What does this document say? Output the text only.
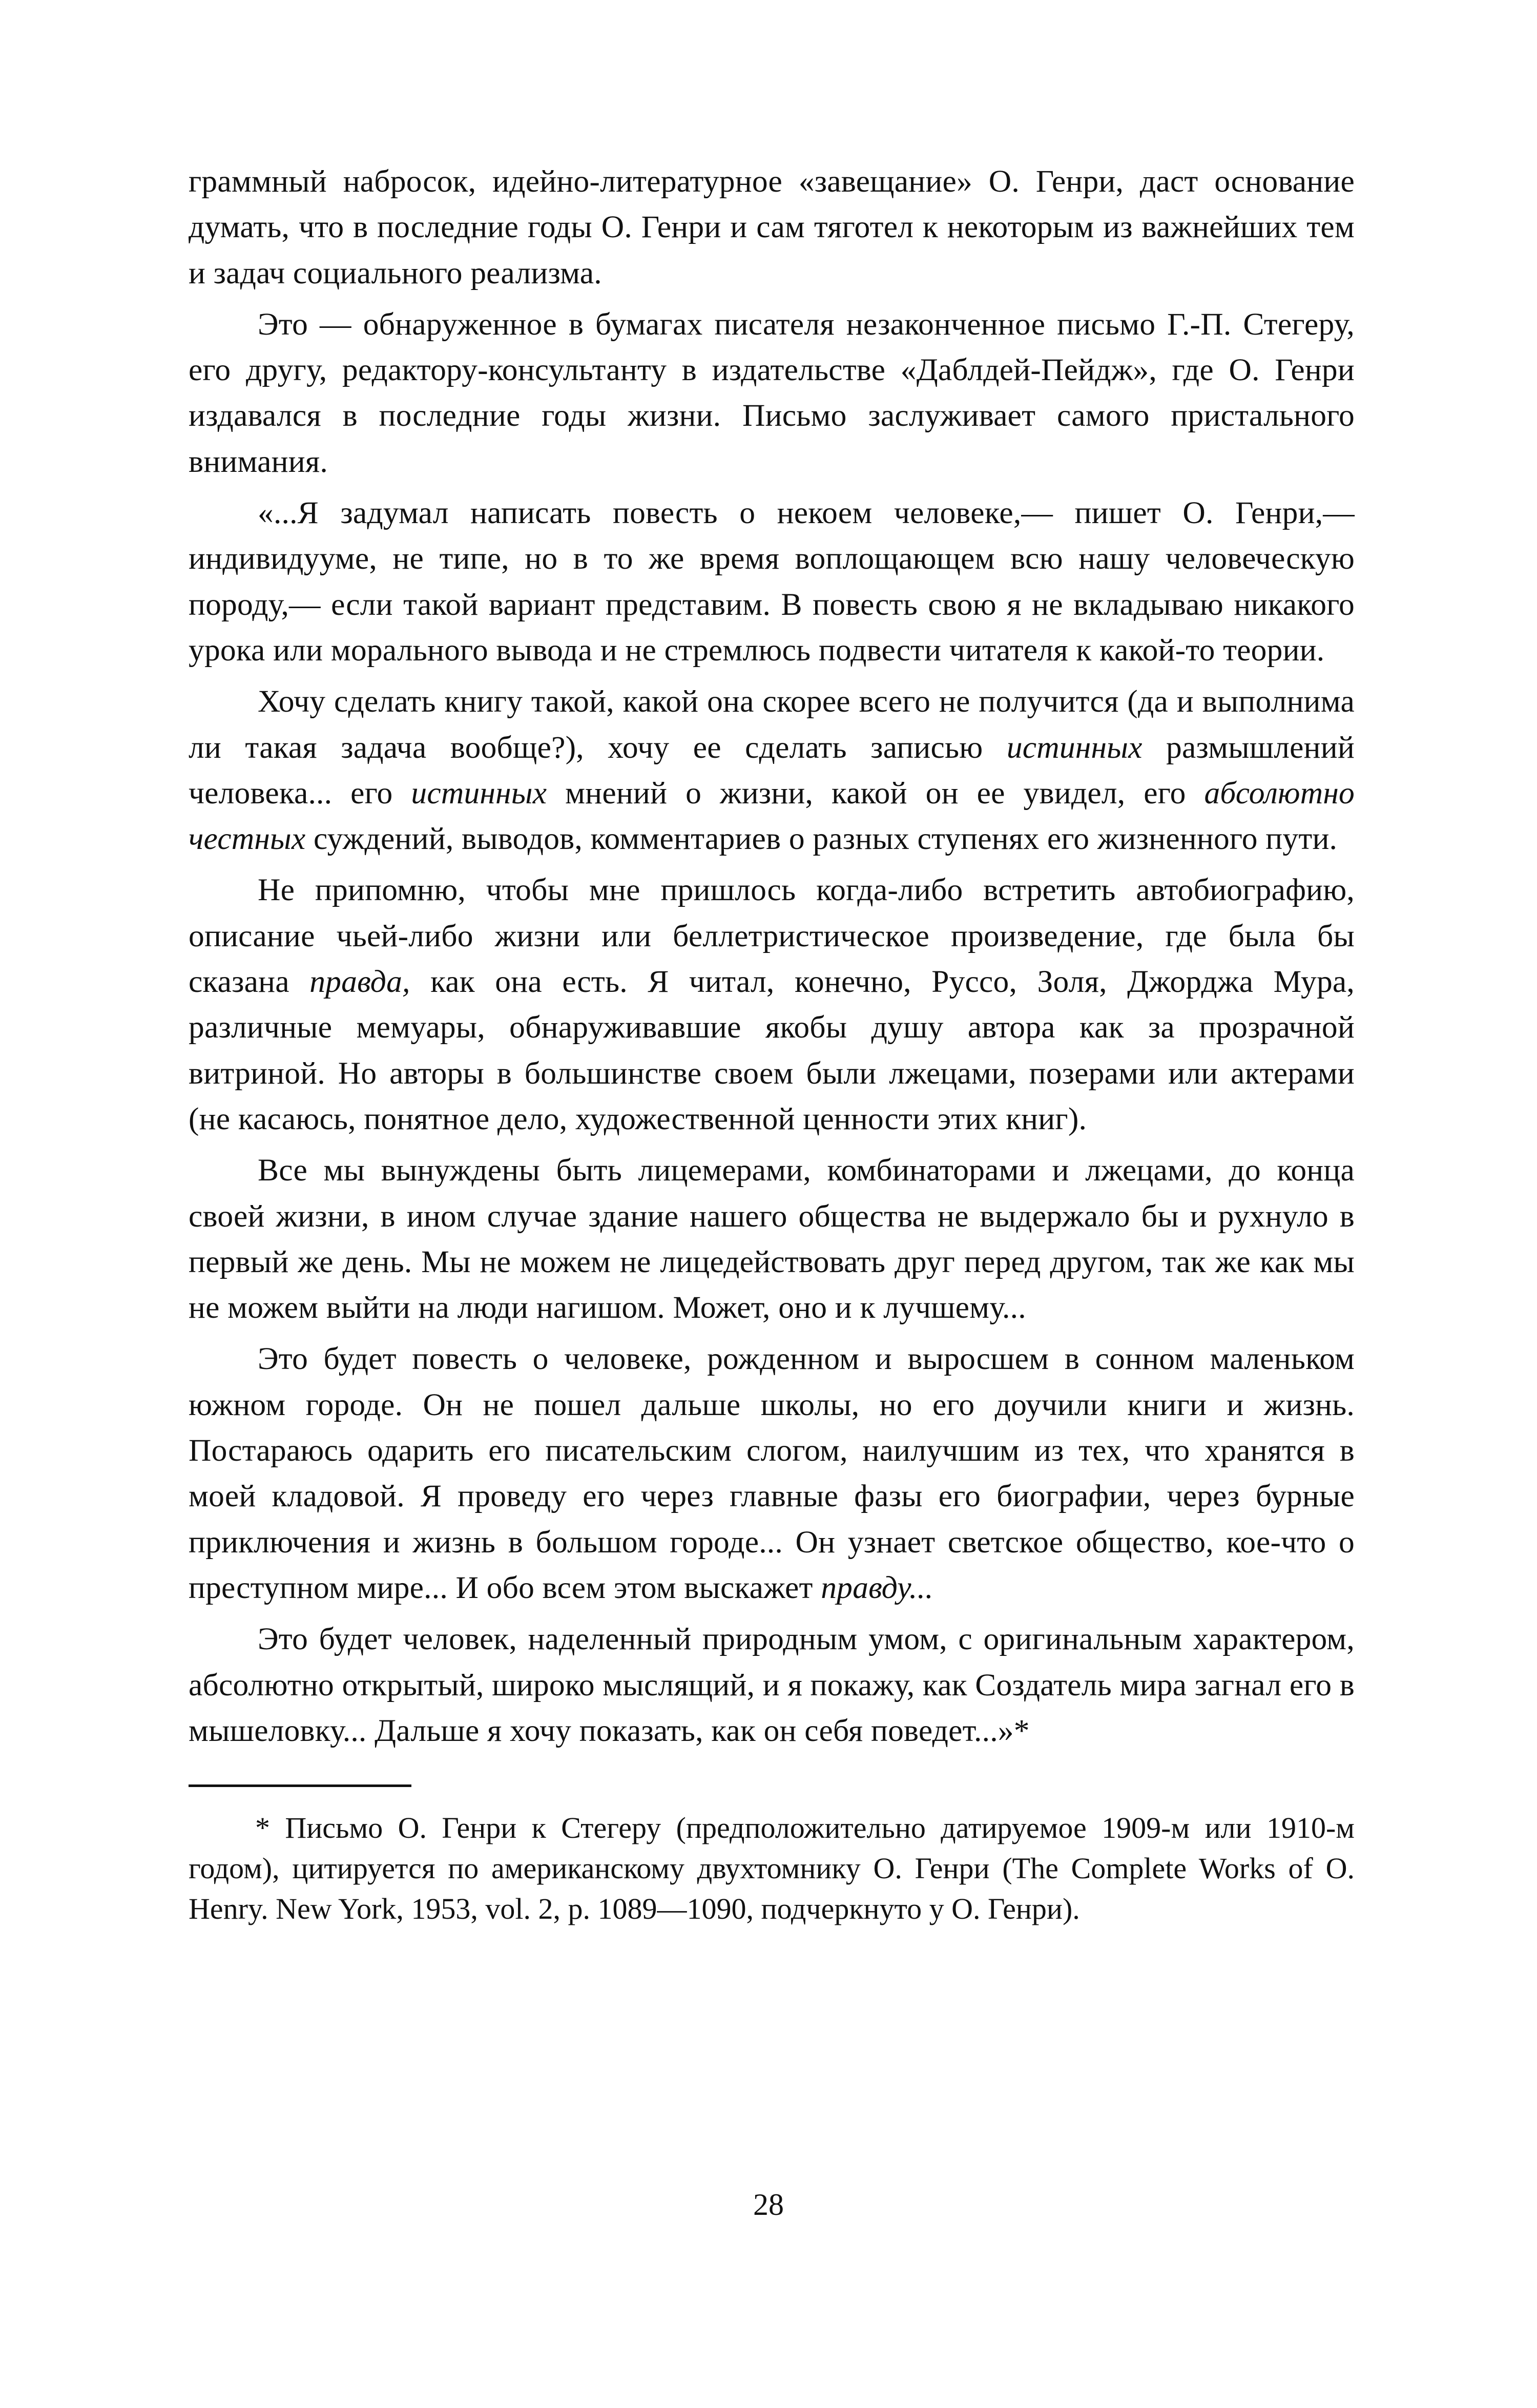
граммный набросок, идейно-литературное «завещание» О. Генри, даст основание думать, что в последние годы О. Генри и сам тяготел к некоторым из важнейших тем и задач социального реализма.

Это — обнаруженное в бумагах писателя незаконченное письмо Г.-П. Стегеру, его другу, редактору-консультанту в издательстве «Даблдей-Пейдж», где О. Генри издавался в последние годы жизни. Письмо заслуживает самого пристального внимания.

«...Я задумал написать повесть о некоем человеке,— пишет О. Генри,— индивидууме, не типе, но в то же время воплощающем всю нашу человеческую породу,— если такой вариант представим. В повесть свою я не вкладываю никакого урока или морального вывода и не стремлюсь подвести читателя к какой-то теории.

Хочу сделать книгу такой, какой она скорее всего не получится (да и выполнима ли такая задача вообще?), хочу ее сделать записью истинных размышлений человека... его истинных мнений о жизни, какой он ее увидел, его абсолютно честных суждений, выводов, комментариев о разных ступенях его жизненного пути.

Не припомню, чтобы мне пришлось когда-либо встретить автобиографию, описание чьей-либо жизни или беллетристическое произведение, где была бы сказана правда, как она есть. Я читал, конечно, Руссо, Золя, Джорджа Мура, различные мемуары, обнаруживавшие якобы душу автора как за прозрачной витриной. Но авторы в большинстве своем были лжецами, позерами или актерами (не касаюсь, понятное дело, художественной ценности этих книг).

Все мы вынуждены быть лицемерами, комбинаторами и лжецами, до конца своей жизни, в ином случае здание нашего общества не выдержало бы и рухнуло в первый же день. Мы не можем не лицедействовать друг перед другом, так же как мы не можем выйти на люди нагишом. Может, оно и к лучшему...

Это будет повесть о человеке, рожденном и выросшем в сонном маленьком южном городе. Он не пошел дальше школы, но его доучили книги и жизнь. Постараюсь одарить его писательским слогом, наилучшим из тех, что хранятся в моей кладовой. Я проведу его через главные фазы его биографии, через бурные приключения и жизнь в большом городе... Он узнает светское общество, кое-что о преступном мире... И обо всем этом выскажет правду...

Это будет человек, наделенный природным умом, с оригинальным характером, абсолютно открытый, широко мыслящий, и я покажу, как Создатель мира загнал его в мышеловку... Дальше я хочу показать, как он себя поведет...»*

* Письмо О. Генри к Стегеру (предположительно датируемое 1909-м или 1910-м годом), цитируется по американскому двухтомнику О. Генри (The Complete Works of O. Henry. New York, 1953, vol. 2, p. 1089—1090, подчеркнуто у О. Генри).

28
